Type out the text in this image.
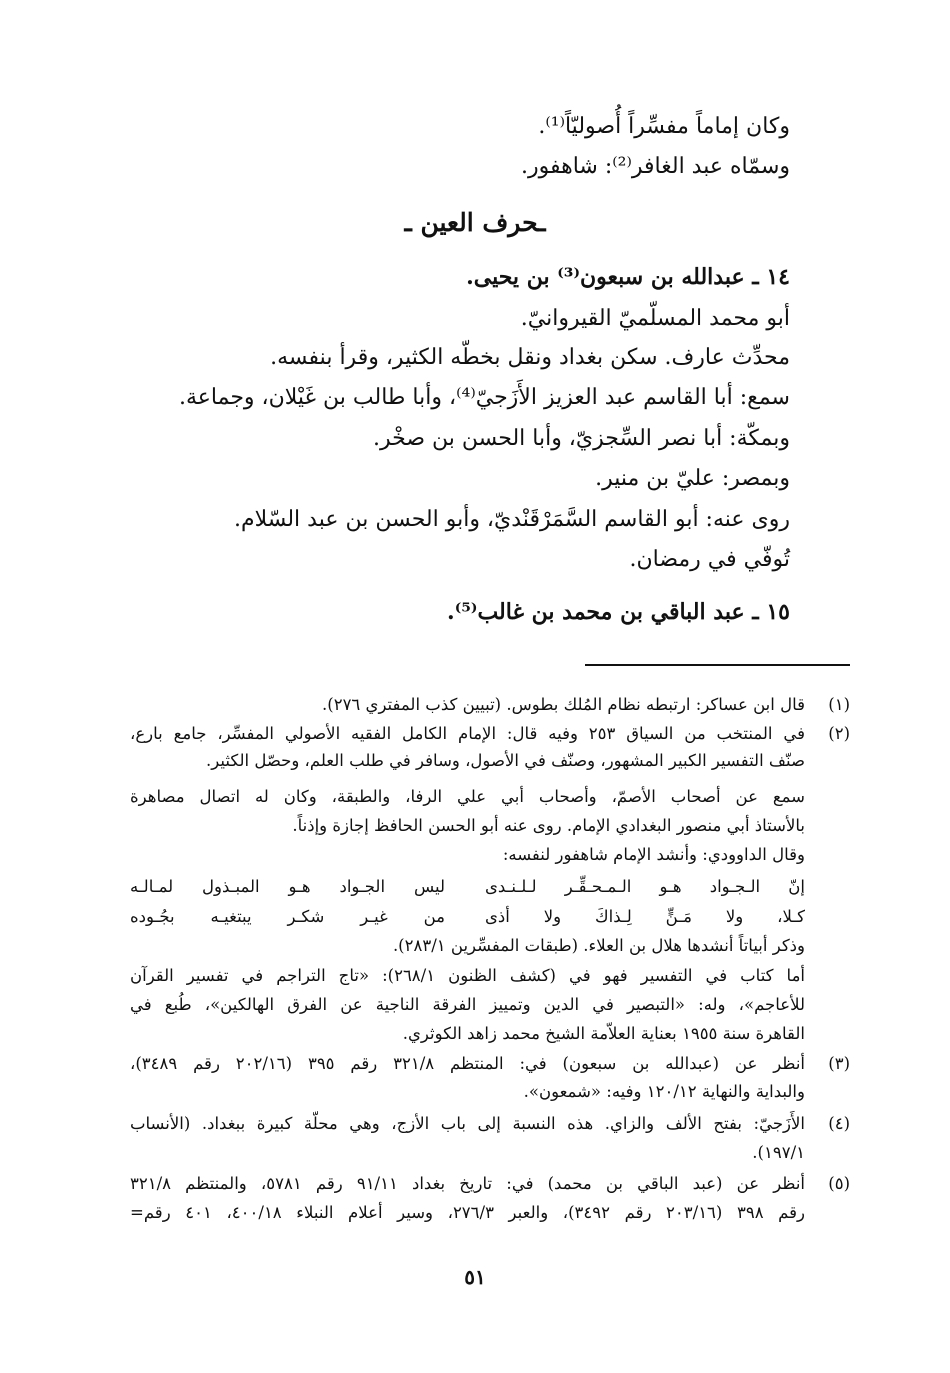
وكان إماماً مفسِّراً أُصوليّاً⁽¹⁾.
وسمّاه عبد الغافر⁽²⁾: شاهفور.
ـحرف العين ـ
١٤ ـ عبدالله بن سبعون⁽³⁾ بن يحيى.
أبو محمد المسلّميّ القيروانيّ.
محدِّث عارف. سكن بغداد ونقل بخطّه الكثير، وقرأ بنفسه.
سمع: أبا القاسم عبد العزيز الأَزَجيّ⁽⁴⁾، وأبا طالب بن غَيْلان، وجماعة.
وبمكّة: أبا نصر السِّجزيّ، وأبا الحسن بن صخْر.
وبمصر: عليّ بن منير.
روى عنه: أبو القاسم السَّمَرْقَنْديّ، وأبو الحسن بن عبد السّلام.
تُوفّي في رمضان.
١٥ ـ عبد الباقي بن محمد بن غالب⁽⁵⁾.
(١)
قال ابن عساكر: ارتبطه نظام المُلك بطوس. (تبيين كذب المفتري ٢٧٦).
(٢)
في المنتخب من السياق ٢٥٣ وفيه قال: الإمام الكامل الفقيه الأصولي المفسِّر، جامع بارع،
صنّف التفسير الكبير المشهور، وصنّف في الأصول، وسافر في طلب العلم، وحصّل الكثير.
سمع عن أصحاب الأصمّ، وأصحاب أبي علي الرفا، والطبقة، وكان له اتصال مصاهرة
بالأستاذ أبي منصور البغدادي الإمام. روى عنه أبو الحسن الحافظ إجازة وإذناً.
وقال الداوودي: وأنشد الإمام شاهفور لنفسه:
ليس الجـواد هـو المبـذول لمـالـه إنّ الـجـواد هـو الـمـحـقِّـر لـلـنـدى
من غيـر شكـر يبتغيـه بجُـوده كـلا، ولا مَـنٍّ لِـذاكَ ولا أذى
وذكر أبياتاً أنشدها هلال بن العلاء. (طبقات المفسِّرين ٢٨٣/١).
أما كتاب في التفسير فهو في (كشف الظنون ٢٦٨/١): «تاج التراجم في تفسير القرآن
للأعاجم»، وله: «التبصير في الدين وتمييز الفرقة الناجية عن الفرق الهالكين»، طُبع في
القاهرة سنة ١٩٥٥ بعناية العلاّمة الشيخ محمد زاهد الكوثري.
(٣)
أنظر عن (عبدالله بن سبعون) في: المنتظم ٣٢١/٨ رقم ٣٩٥ (٢٠٢/١٦ رقم ٣٤٨٩)،
والبداية والنهاية ١٢٠/١٢ وفيه: «شمعون».
(٤)
الأَزَجيّ: بفتح الألف والزاي. هذه النسبة إلى باب الأزج، وهي محلّة كبيرة ببغداد. (الأنساب
١٩٧/١).
(٥)
أنظر عن (عبد الباقي بن محمد) في: تاريخ بغداد ٩١/١١ رقم ٥٧٨١، والمنتظم ٣٢١/٨
رقم ٣٩٨ (٢٠٣/١٦ رقم ٣٤٩٢)، والعبر ٢٧٦/٣، وسير أعلام النبلاء ٤٠٠/١٨، ٤٠١ رقم=
٥١
